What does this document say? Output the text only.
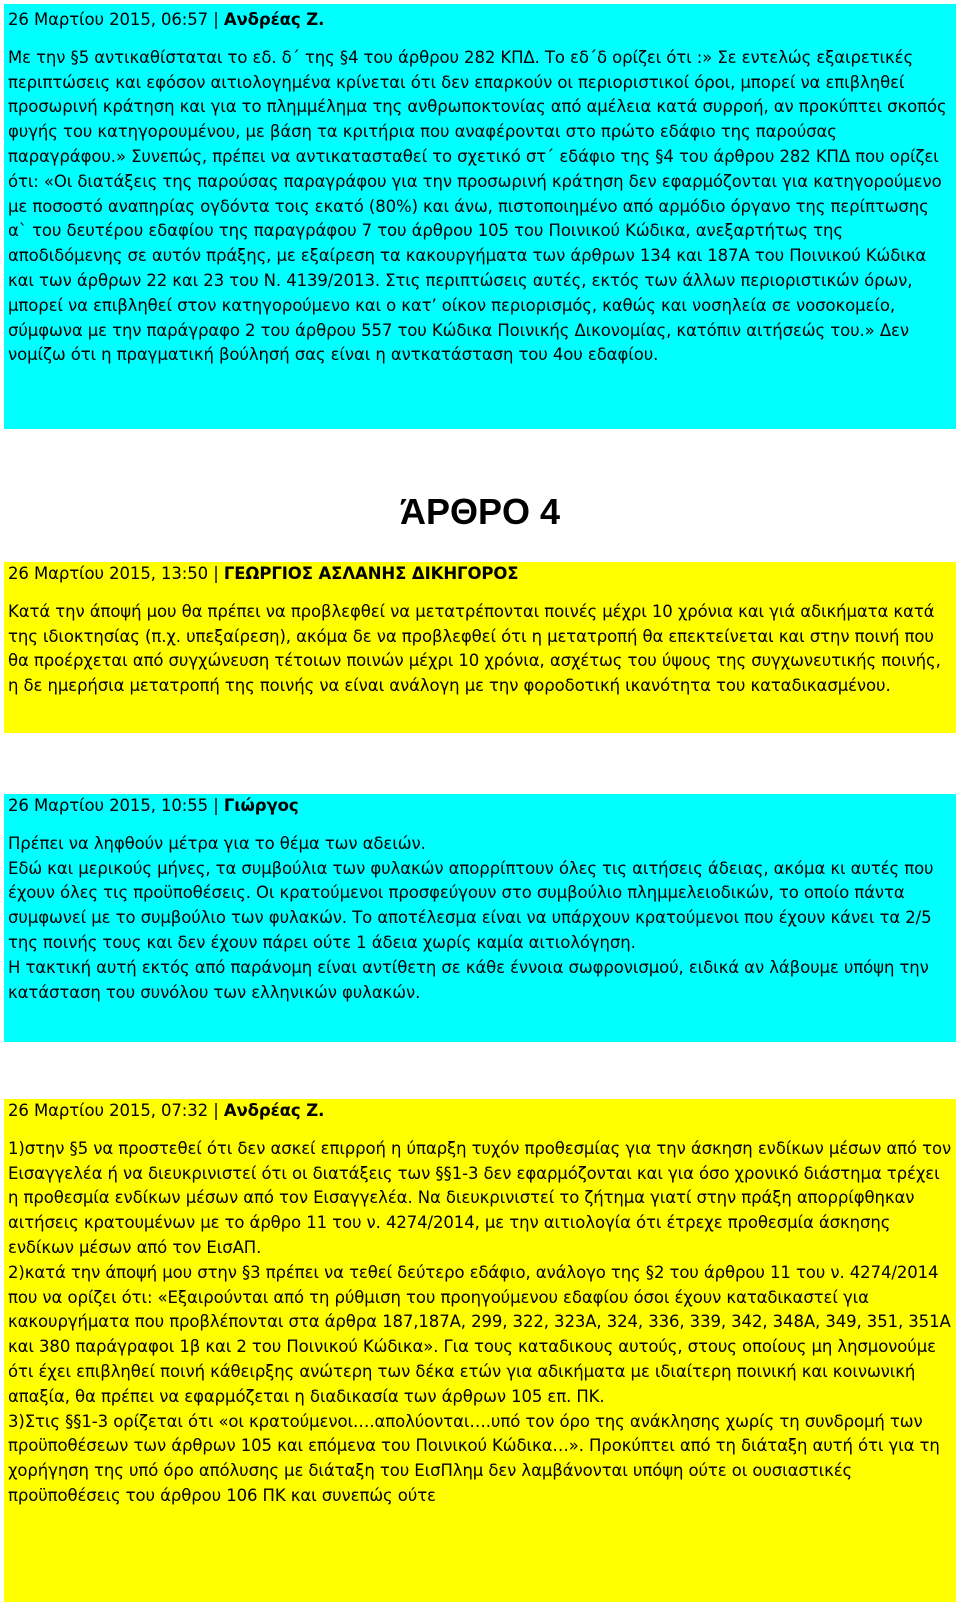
26 Μαρτίου 2015, 06:57 | Ανδρέας Ζ.
Με την §5 αντικαθίσταται το εδ. δ΄ της §4 του άρθρου 282 ΚΠΔ. Το εδ΄δ ορίζει ότι :» Σε εντελώς εξαιρετικές περιπτώσεις και εφόσον αιτιολογημένα κρίνεται ότι δεν επαρκούν οι περιοριστικοί όροι, μπορεί να επιβληθεί προσωρινή κράτηση και για το πλημμέλημα της ανθρωποκτονίας από αμέλεια κατά συρροή, αν προκύπτει σκοπός φυγής του κατηγορουμένου, με βάση τα κριτήρια που αναφέρονται στο πρώτο εδάφιο της παρούσας παραγράφου.» Συνεπώς, πρέπει να αντικατασταθεί το σχετικό στ΄ εδάφιο της §4 του άρθρου 282 ΚΠΔ που ορίζει ότι: «Οι διατάξεις της παρούσας παραγράφου για την προσωρινή κράτηση δεν εφαρμόζονται για κατηγορούμενο με ποσοστό αναπηρίας ογδόντα τοις εκατό (80%) και άνω, πιστοποιημένο από αρμόδιο όργανο της περίπτωσης α` του δευτέρου εδαφίου της παραγράφου 7 του άρθρου 105 του Ποινικού Κώδικα, ανεξαρτήτως της αποδιδόμενης σε αυτόν πράξης, με εξαίρεση τα κακουργήματα των άρθρων 134 και 187Α του Ποινικού Κώδικα και των άρθρων 22 και 23 του Ν. 4139/2013. Στις περιπτώσεις αυτές, εκτός των άλλων περιοριστικών όρων, μπορεί να επιβληθεί στον κατηγορούμενο και ο κατ’ οίκον περιορισμός, καθώς και νοσηλεία σε νοσοκομείο, σύμφωνα με την παράγραφο 2 του άρθρου 557 του Κώδικα Ποινικής Δικονομίας, κατόπιν αιτήσεώς του.» Δεν νομίζω ότι η πραγματική βούλησή σας είναι η αντκατάσταση του 4ου εδαφίου.
ΆΡΘΡΟ 4
26 Μαρτίου 2015, 13:50 | ΓΕΩΡΓΙΟΣ ΑΣΛΑΝΗΣ ΔΙΚΗΓΟΡΟΣ
Κατά την άποψή μου θα πρέπει να προβλεφθεί να μετατρέπονται ποινές μέχρι 10 χρόνια και γιά αδικήματα κατά της ιδιοκτησίας (π.χ. υπεξαίρεση), ακόμα δε να προβλεφθεί ότι η μετατροπή θα επεκτείνεται και στην ποινή που θα προέρχεται από συγχώνευση τέτοιων ποινών μέχρι 10 χρόνια, ασχέτως του ύψους της συγχωνευτικής ποινής, η δε ημερήσια μετατροπή της ποινής να είναι ανάλογη με την φοροδοτική ικανότητα του καταδικασμένου.
26 Μαρτίου 2015, 10:55 | Γιώργος
Πρέπει να ληφθούν μέτρα για το θέμα των αδειών.
Εδώ και μερικούς μήνες, τα συμβούλια των φυλακών απορρίπτουν όλες τις αιτήσεις άδειας, ακόμα κι αυτές που έχουν όλες τις προϋποθέσεις. Οι κρατούμενοι προσφεύγουν στο συμβούλιο πλημμελειοδικών, το οποίο πάντα συμφωνεί με το συμβούλιο των φυλακών. Το αποτέλεσμα είναι να υπάρχουν κρατούμενοι που έχουν κάνει τα 2/5 της ποινής τους και δεν έχουν πάρει ούτε 1 άδεια χωρίς καμία αιτιολόγηση.
Η τακτική αυτή εκτός από παράνομη είναι αντίθετη σε κάθε έννοια σωφρονισμού, ειδικά αν λάβουμε υπόψη την κατάσταση του συνόλου των ελληνικών φυλακών.
26 Μαρτίου 2015, 07:32 | Ανδρέας Ζ.
1)στην §5 να προστεθεί ότι δεν ασκεί επιρροή η ύπαρξη τυχόν προθεσμίας για την άσκηση ενδίκων μέσων από τον Εισαγγελέα ή να διευκρινιστεί ότι οι διατάξεις των §§1-3 δεν εφαρμόζονται και για όσο χρονικό διάστημα τρέχει η προθεσμία ενδίκων μέσων από τον Εισαγγελέα. Να διευκρινιστεί το ζήτημα γιατί στην πράξη απορρίφθηκαν αιτήσεις κρατουμένων με το άρθρο 11 του ν. 4274/2014, με την αιτιολογία ότι έτρεχε προθεσμία άσκησης ενδίκων μέσων από τον ΕισΑΠ.
2)κατά την άποψή μου στην §3 πρέπει να τεθεί δεύτερο εδάφιο, ανάλογο της §2 του άρθρου 11 του ν. 4274/2014 που να ορίζει ότι: «Εξαιρούνται από τη ρύθμιση του προηγούμενου εδαφίου όσοι έχουν καταδικαστεί για
κακουργήματα που προβλέπονται στα άρθρα 187,187Α, 299, 322, 323Α, 324, 336, 339, 342, 348Α, 349, 351, 351Α και 380 παράγραφοι 1β και 2 του Ποινικού Κώδικα». Για τους καταδικους αυτούς, στους οποίους μη λησμονούμε ότι έχει επιβληθεί ποινή κάθειρξης ανώτερη των δέκα ετών για αδικήματα με ιδιαίτερη ποινική και κοινωνική απαξία, θα πρέπει να εφαρμόζεται η διαδικασία των άρθρων 105 επ. ΠΚ.
3)Στις §§1-3 ορίζεται ότι «οι κρατούμενοι….απολύονται….υπό τον όρο της ανάκλησης χωρίς τη συνδρομή των προϋποθέσεων των άρθρων 105 και επόμενα του Ποινικού Κώδικα…». Προκύπτει από τη διάταξη αυτή ότι για τη χορήγηση της υπό όρο απόλυσης με διάταξη του ΕισΠλημ δεν λαμβάνονται υπόψη ούτε οι ουσιαστικές προϋποθέσεις του άρθρου 106 ΠΚ και συνεπώς ούτε
